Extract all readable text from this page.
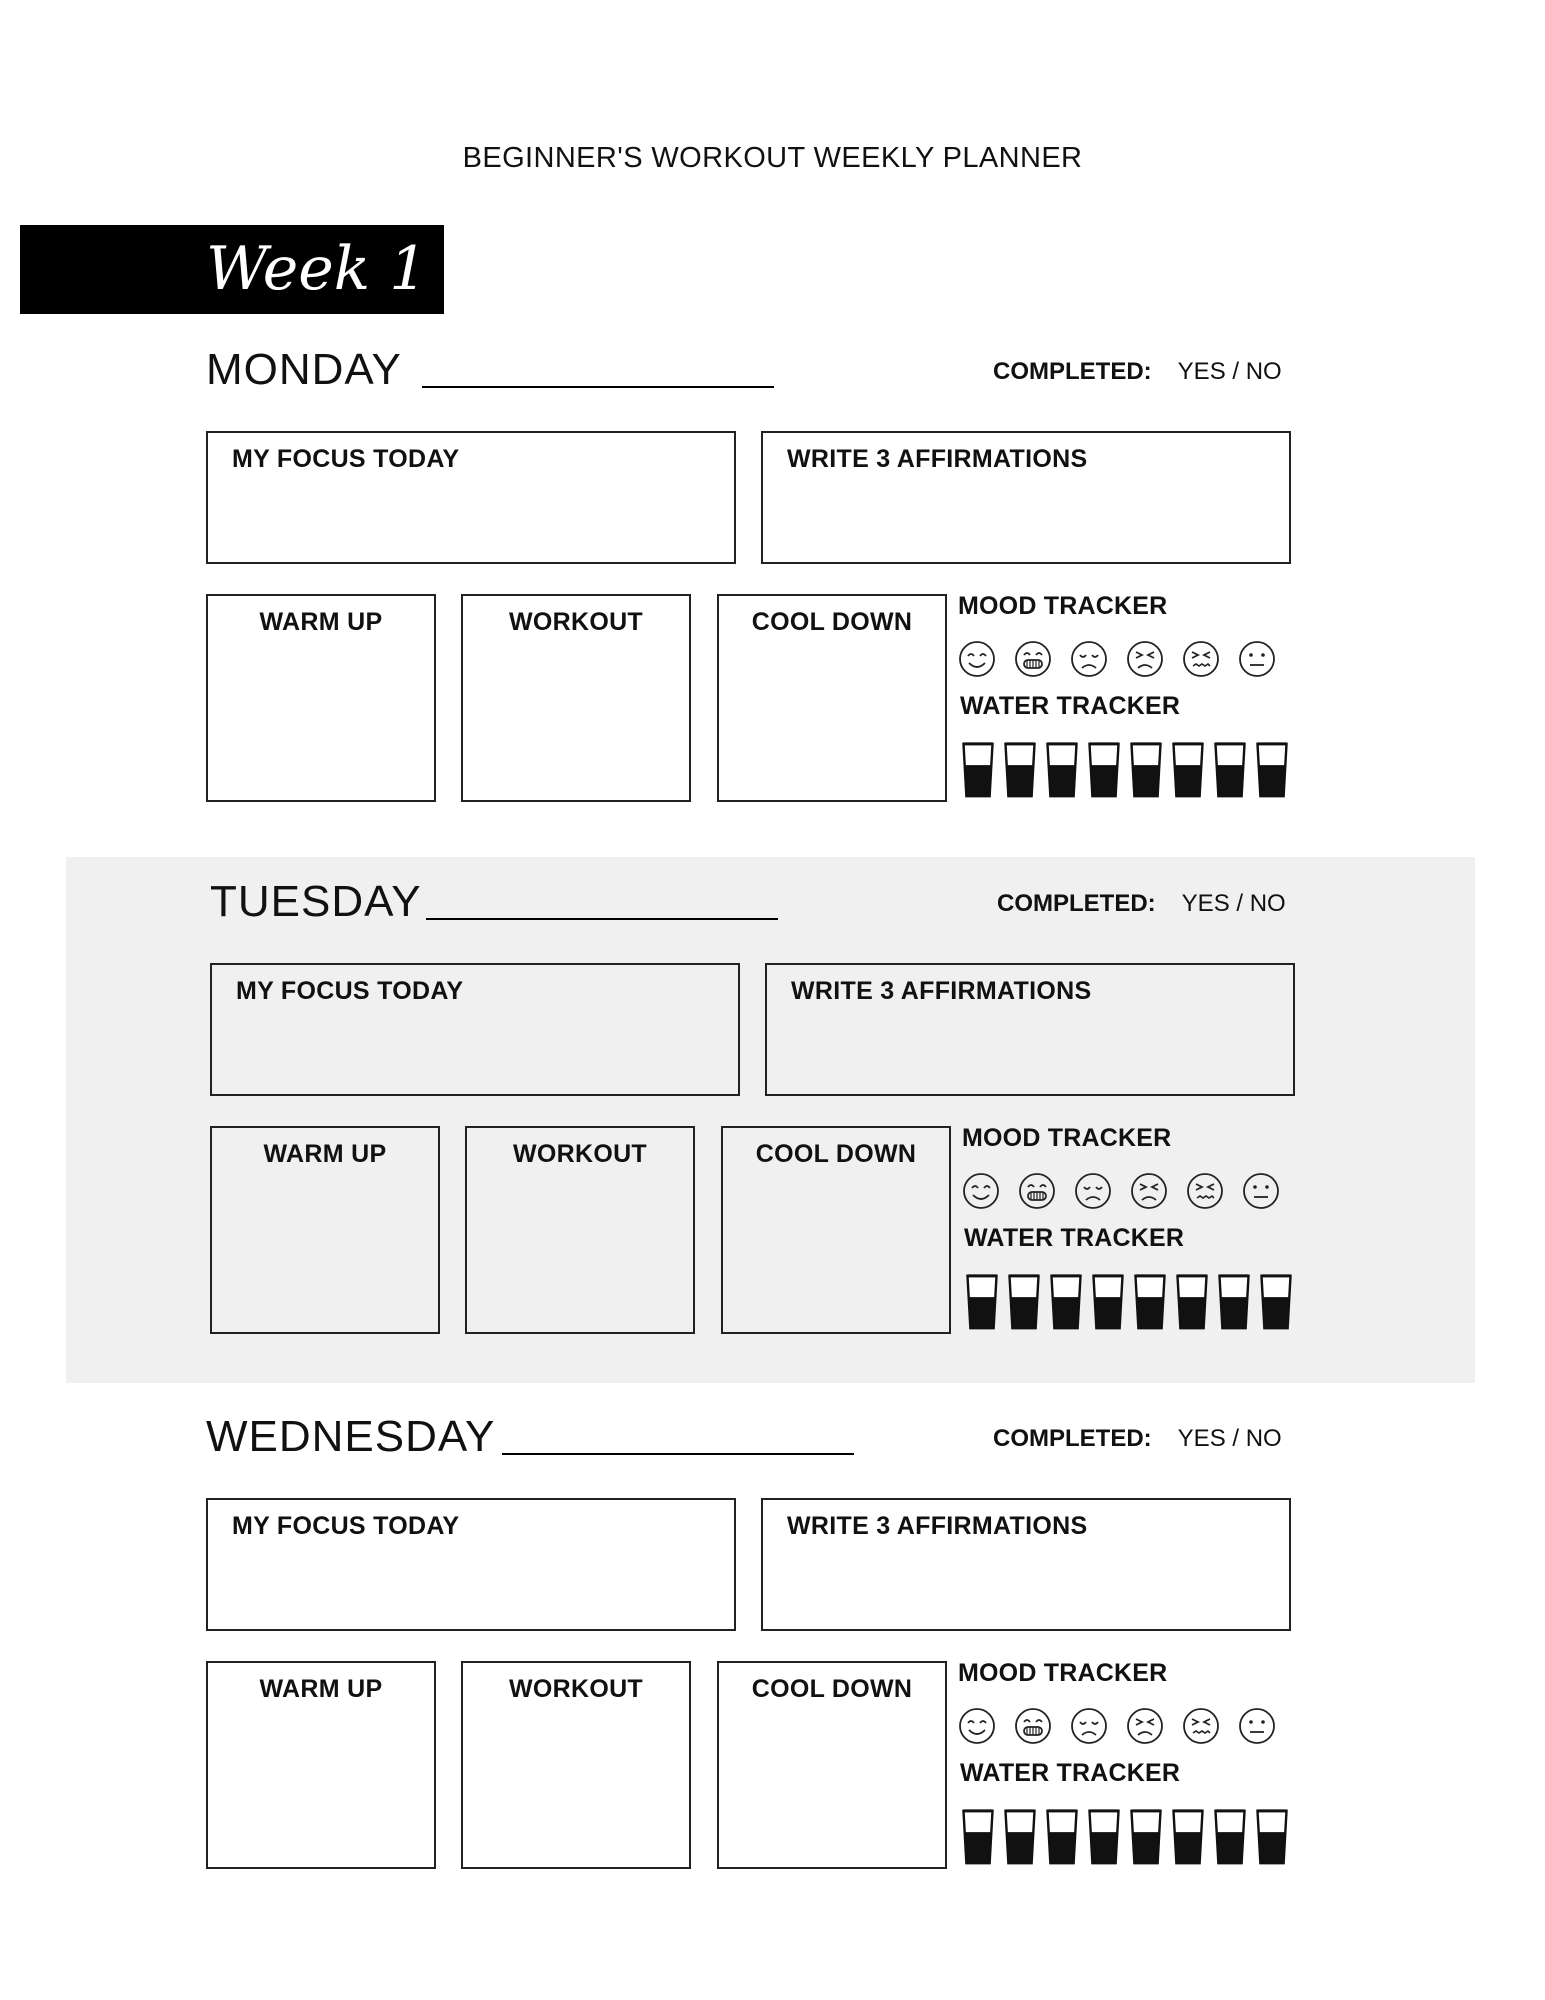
BEGINNER'S WORKOUT WEEKLY PLANNER
Week 1
MONDAY	COMPLETED: YES / NO
MY FOCUS TODAY	WRITE 3 AFFIRMATIONS
WARM UP	WORKOUT	COOL DOWN
MOOD TRACKER
WATER TRACKER
TUESDAY	COMPLETED: YES / NO
MY FOCUS TODAY	WRITE 3 AFFIRMATIONS
WARM UP	WORKOUT	COOL DOWN
MOOD TRACKER
WATER TRACKER
WEDNESDAY	COMPLETED: YES / NO
MY FOCUS TODAY	WRITE 3 AFFIRMATIONS
WARM UP	WORKOUT	COOL DOWN
MOOD TRACKER
WATER TRACKER
